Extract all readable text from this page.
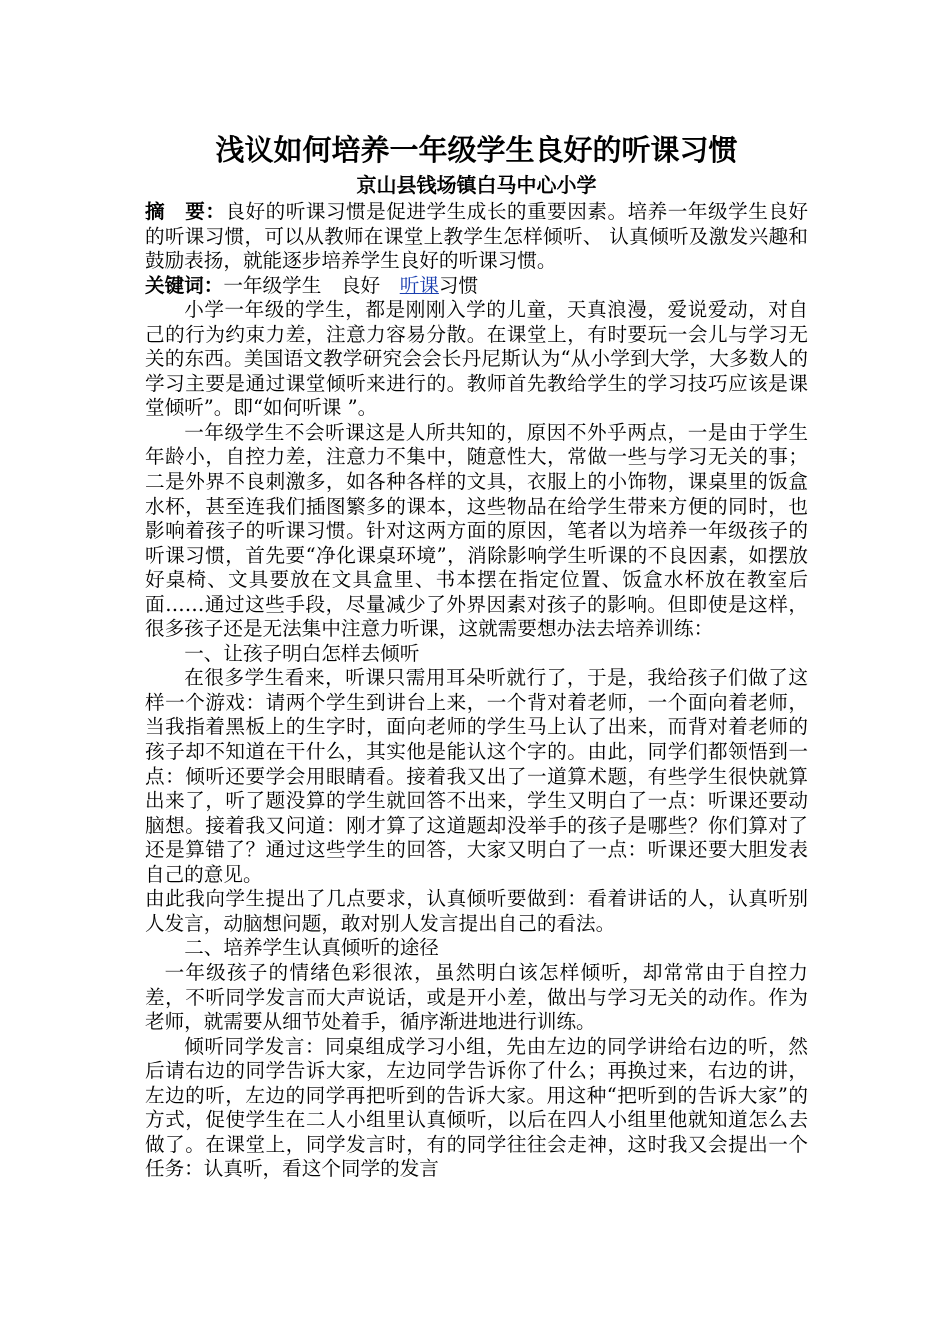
浅议如何培养一年级学生良好的听课习惯
京山县钱场镇白马中心小学

摘　要：良好的听课习惯是促进学生成长的重要因素。培养一年级学生良好的听课习惯，可以从教师在课堂上教学生怎样倾听、 认真倾听及激发兴趣和鼓励表扬，就能逐步培养学生良好的听课习惯。

关键词：一年级学生 良好 听课习惯

小学一年级的学生，都是刚刚入学的儿童，天真浪漫，爱说爱动，对自己的行为约束力差，注意力容易分散。在课堂上，有时要玩一会儿与学习无关的东西。美国语文教学研究会会长丹尼斯认为“从小学到大学，大多数人的学习主要是通过课堂倾听来进行的。教师首先教给学生的学习技巧应该是课堂倾听”。即“如何听课 ”。

一年级学生不会听课这是人所共知的，原因不外乎两点，一是由于学生年龄小，自控力差，注意力不集中，随意性大，常做一些与学习无关的事；二是外界不良刺激多，如各种各样的文具，衣服上的小饰物，课桌里的饭盒水杯，甚至连我们插图繁多的课本，这些物品在给学生带来方便的同时，也影响着孩子的听课习惯。针对这两方面的原因，笔者以为培养一年级孩子的听课习惯，首先要“净化课桌环境”，消除影响学生听课的不良因素，如摆放好桌椅、文具要放在文具盒里、书本摆在指定位置、饭盒水杯放在教室后面……通过这些手段，尽量减少了外界因素对孩子的影响。但即使是这样，很多孩子还是无法集中注意力听课，这就需要想办法去培养训练：

一、让孩子明白怎样去倾听

在很多学生看来，听课只需用耳朵听就行了，于是，我给孩子们做了这样一个游戏：请两个学生到讲台上来，一个背对着老师，一个面向着老师，当我指着黑板上的生字时，面向老师的学生马上认了出来，而背对着老师的孩子却不知道在干什么，其实他是能认这个字的。由此，同学们都领悟到一点：倾听还要学会用眼睛看。接着我又出了一道算术题，有些学生很快就算出来了，听了题没算的学生就回答不出来，学生又明白了一点：听课还要动脑想。接着我又问道：刚才算了这道题却没举手的孩子是哪些？你们算对了还是算错了？通过这些学生的回答，大家又明白了一点：听课还要大胆发表自己的意见。

由此我向学生提出了几点要求，认真倾听要做到：看着讲话的人，认真听别人发言，动脑想问题，敢对别人发言提出自己的看法。

二、培养学生认真倾听的途径

一年级孩子的情绪色彩很浓，虽然明白该怎样倾听，却常常由于自控力差，不听同学发言而大声说话，或是开小差，做出与学习无关的动作。作为老师，就需要从细节处着手，循序渐进地进行训练。

倾听同学发言：同桌组成学习小组，先由左边的同学讲给右边的听，然后请右边的同学告诉大家，左边同学告诉你了什么；再换过来，右边的讲，左边的听，左边的同学再把听到的告诉大家。用这种“把听到的告诉大家”的方式，促使学生在二人小组里认真倾听，以后在四人小组里他就知道怎么去做了。在课堂上，同学发言时，有的同学往往会走神，这时我又会提出一个任务：认真听，看这个同学的发言
